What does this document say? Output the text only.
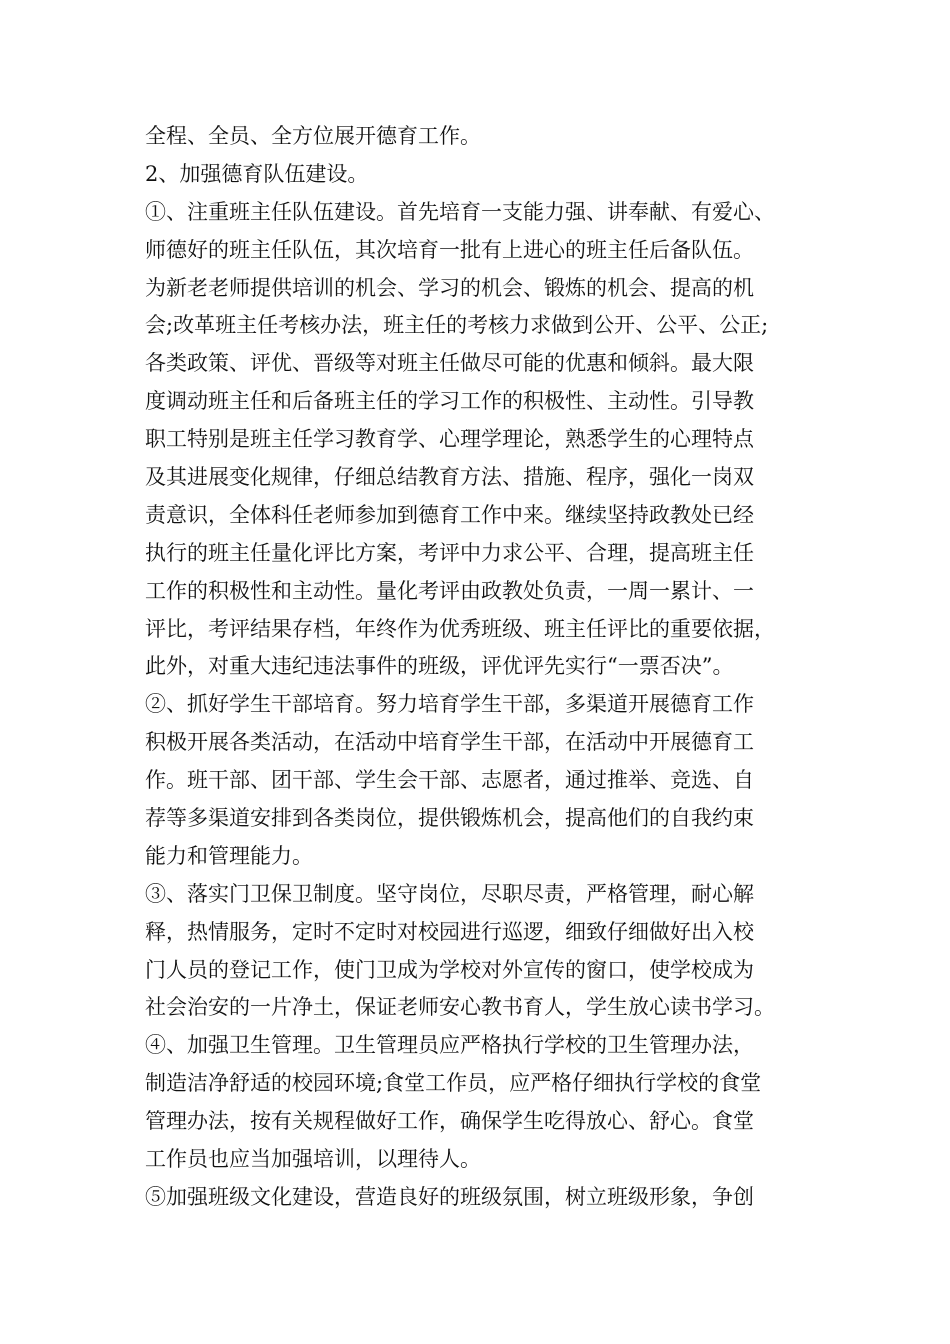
全程、全员、全方位展开德育工作。
2、加强德育队伍建设。
①、注重班主任队伍建设。首先培育一支能力强、讲奉献、有爱心、
师德好的班主任队伍，其次培育一批有上进心的班主任后备队伍。
为新老老师提供培训的机会、学习的机会、锻炼的机会、提高的机
会;改革班主任考核办法，班主任的考核力求做到公开、公平、公正;
各类政策、评优、晋级等对班主任做尽可能的优惠和倾斜。最大限
度调动班主任和后备班主任的学习工作的积极性、主动性。引导教
职工特别是班主任学习教育学、心理学理论，熟悉学生的心理特点
及其进展变化规律，仔细总结教育方法、措施、程序，强化一岗双
责意识，全体科任老师参加到德育工作中来。继续坚持政教处已经
执行的班主任量化评比方案，考评中力求公平、合理，提高班主任
工作的积极性和主动性。量化考评由政教处负责，一周一累计、一
评比，考评结果存档，年终作为优秀班级、班主任评比的重要依据，
此外，对重大违纪违法事件的班级，评优评先实行“一票否决”。
②、抓好学生干部培育。努力培育学生干部，多渠道开展德育工作
积极开展各类活动，在活动中培育学生干部，在活动中开展德育工
作。班干部、团干部、学生会干部、志愿者，通过推举、竞选、自
荐等多渠道安排到各类岗位，提供锻炼机会，提高他们的自我约束
能力和管理能力。
③、落实门卫保卫制度。坚守岗位，尽职尽责，严格管理，耐心解
释，热情服务，定时不定时对校园进行巡逻，细致仔细做好出入校
门人员的登记工作，使门卫成为学校对外宣传的窗口，使学校成为
社会治安的一片净土，保证老师安心教书育人，学生放心读书学习。
④、加强卫生管理。卫生管理员应严格执行学校的卫生管理办法，
制造洁净舒适的校园环境;食堂工作员，应严格仔细执行学校的食堂
管理办法，按有关规程做好工作，确保学生吃得放心、舒心。食堂
工作员也应当加强培训，以理待人。
⑤加强班级文化建设，营造良好的班级氛围，树立班级形象，争创
